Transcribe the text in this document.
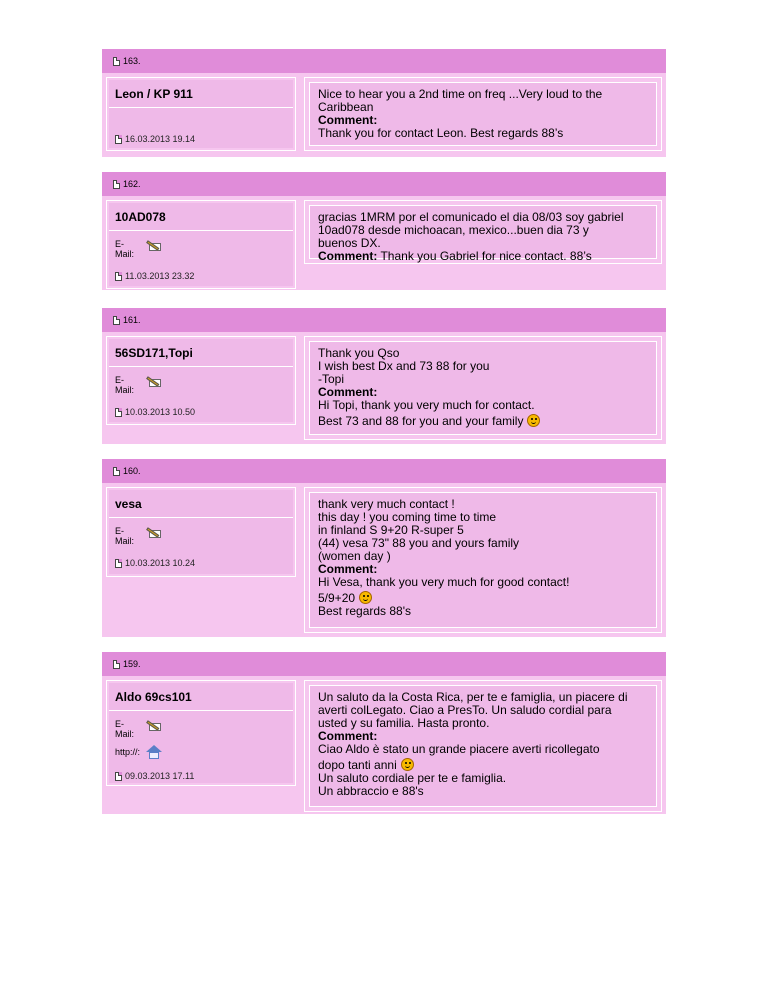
163.
Leon / KP 911
16.03.2013 19.14
Nice to hear you a 2nd time on freq ...Very loud to the
Caribbean
Comment:
Thank you for contact Leon. Best regards 88’s
162.
10AD078
E-
Mail:
11.03.2013 23.32
gracias 1MRM por el comunicado el dia 08/03 soy gabriel
10ad078 desde michoacan, mexico...buen dia 73 y
buenos DX.
Comment: Thank you Gabriel for nice contact. 88’s
161.
56SD171,Topi
E-
Mail:
10.03.2013 10.50
Thank you Qso
I wish best Dx and 73 88 for you
-Topi
Comment:
Hi Topi, thank you very much for contact.
Best 73 and 88 for you and your family
160.
vesa
E-
Mail:
10.03.2013 10.24
thank very much contact !
this day ! you coming time to time
in finland S 9+20 R-super 5
(44) vesa 73" 88 you and yours family
(women day )
Comment:
Hi Vesa, thank you very much for good contact!
5/9+20
Best regards 88's
159.
Aldo 69cs101
E-
Mail:
http://:
09.03.2013 17.11
Un saluto da la Costa Rica, per te e famiglia, un piacere di
averti colLegato. Ciao a PresTo. Un saludo cordial para
usted y su familia. Hasta pronto.
Comment:
Ciao Aldo è stato un grande piacere averti ricollegato
dopo tanti anni
Un saluto cordiale per te e famiglia.
Un abbraccio e 88's
